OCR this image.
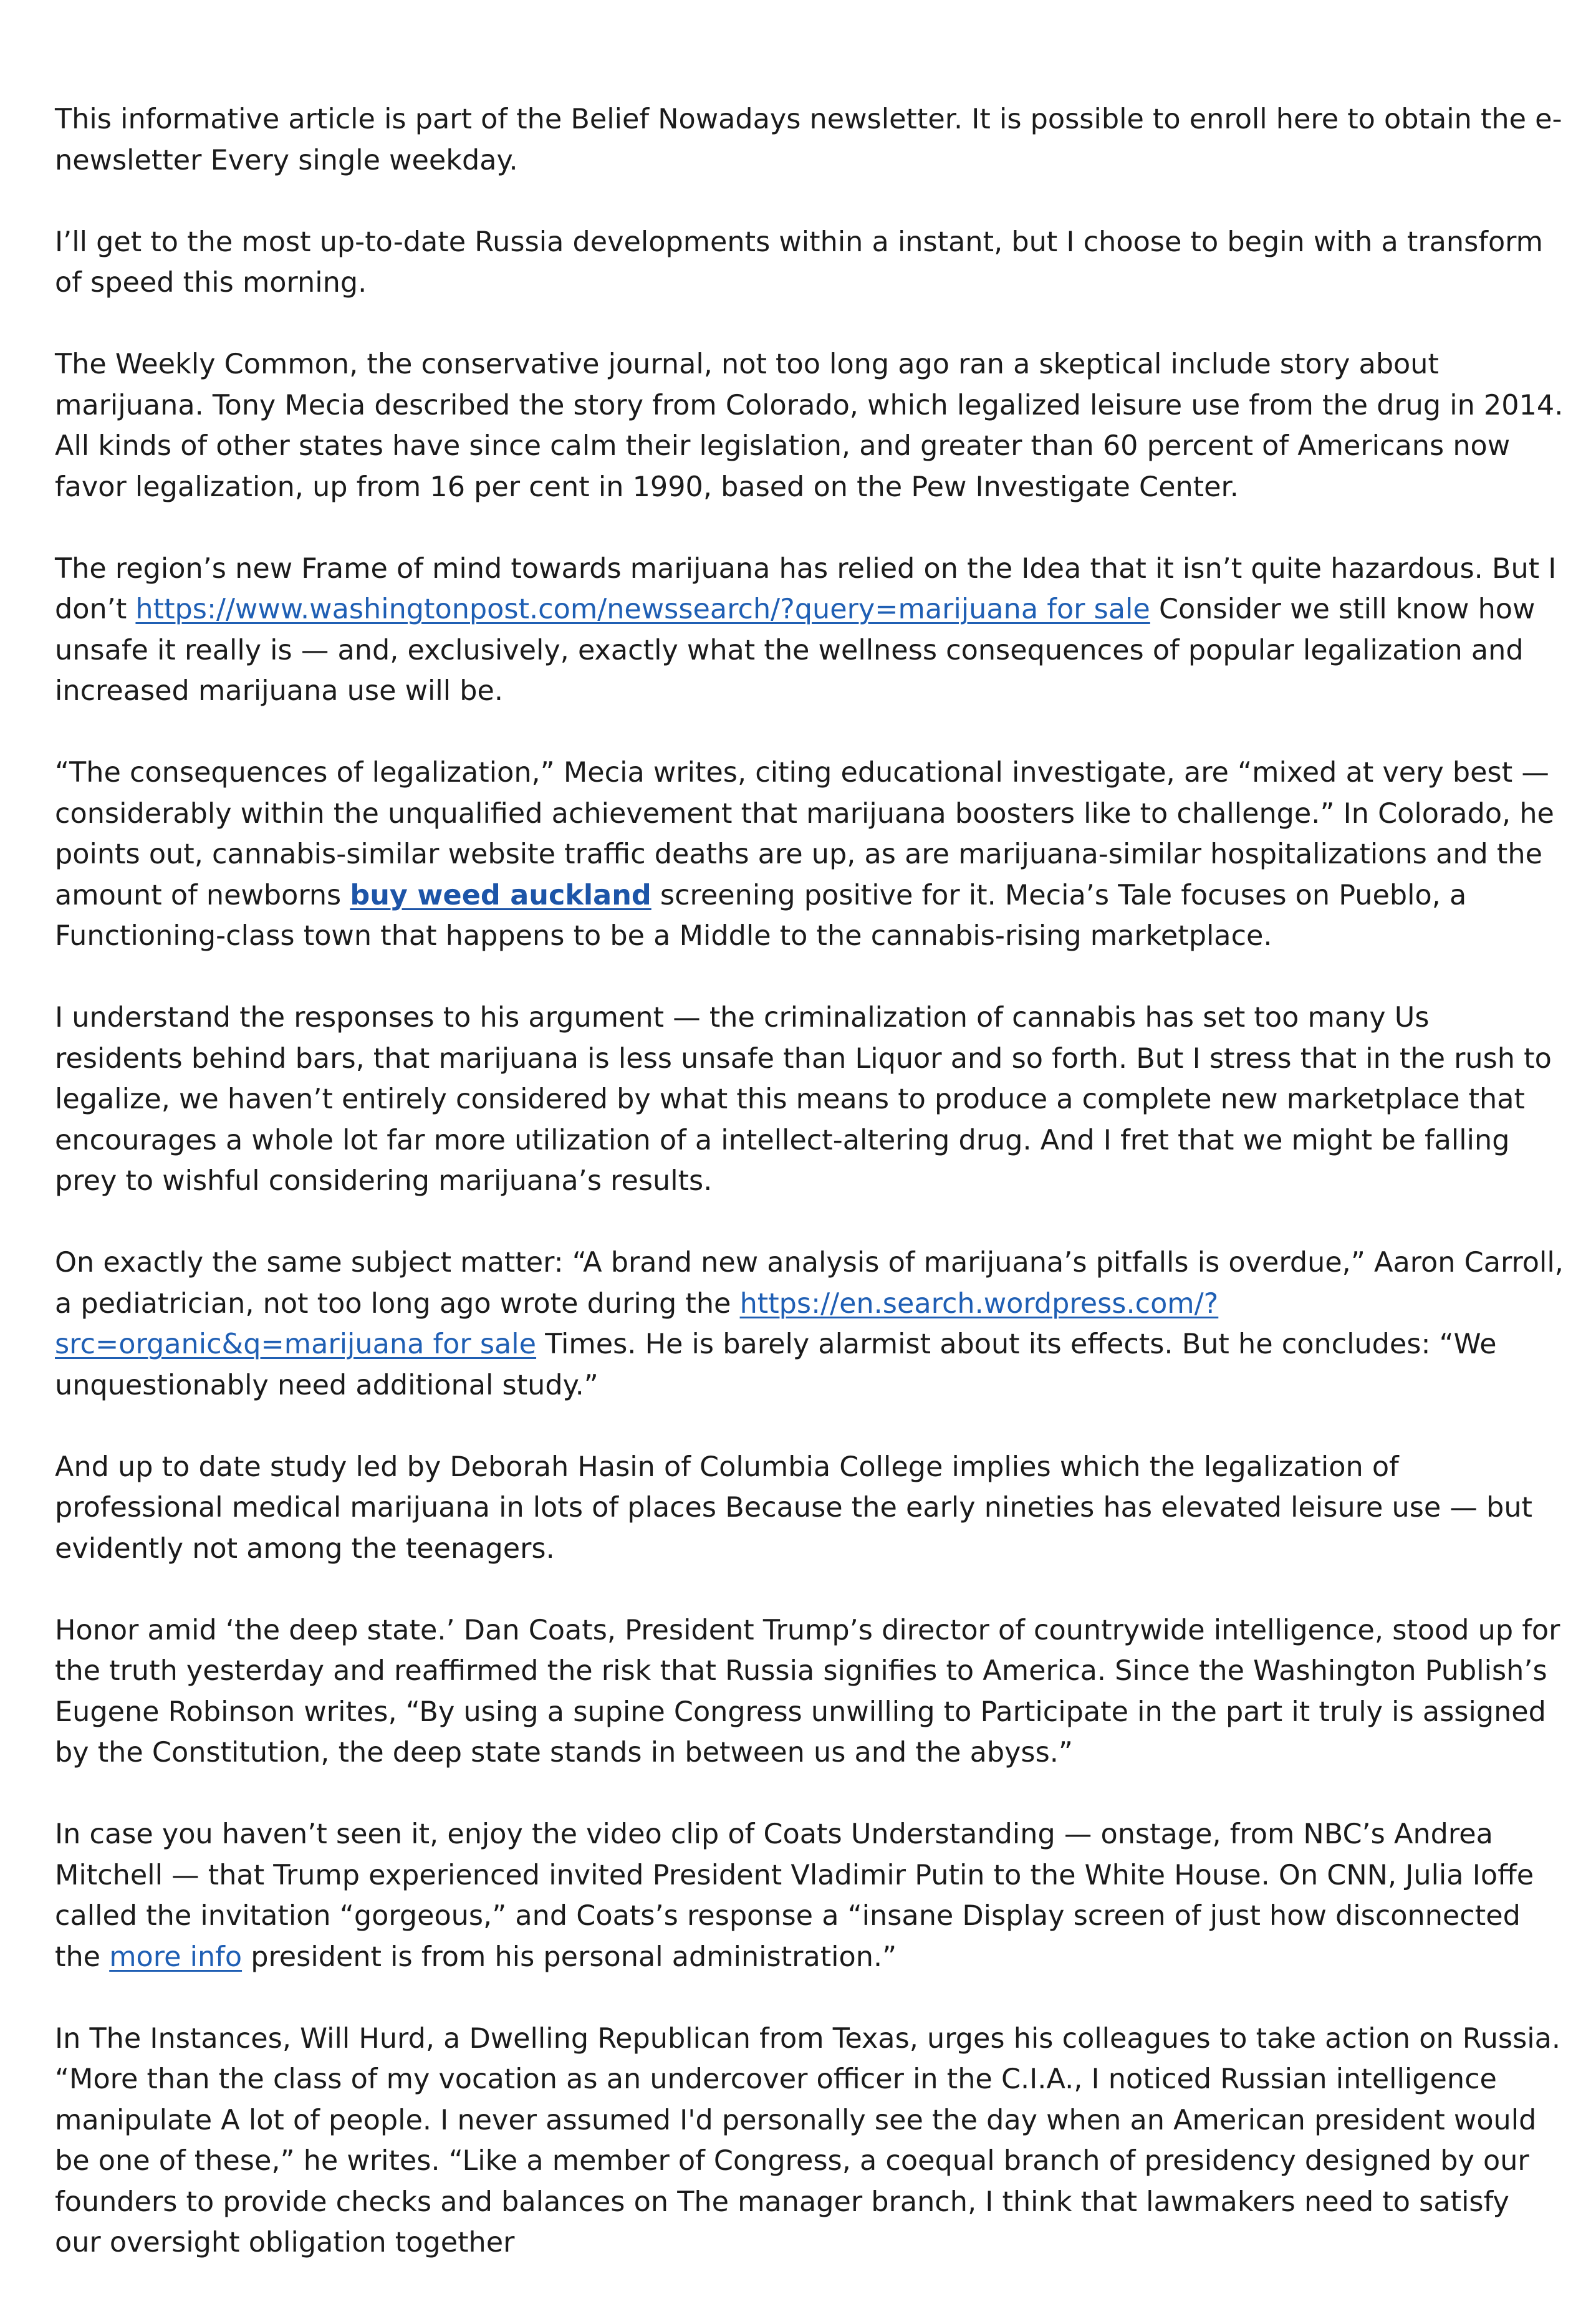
This informative article is part of the Belief Nowadays newsletter. It is possible to enroll here to obtain the e-newsletter Every single weekday.

I’ll get to the most up-to-date Russia developments within a instant, but I choose to begin with a transform of speed this morning.

The Weekly Common, the conservative journal, not too long ago ran a skeptical include story about marijuana. Tony Mecia described the story from Colorado, which legalized leisure use from the drug in 2014. All kinds of other states have since calm their legislation, and greater than 60 percent of Americans now favor legalization, up from 16 per cent in 1990, based on the Pew Investigate Center.

The region’s new Frame of mind towards marijuana has relied on the Idea that it isn’t quite hazardous. But I don’t https://www.washingtonpost.com/newssearch/?query=marijuana for sale Consider we still know how unsafe it really is — and, exclusively, exactly what the wellness consequences of popular legalization and increased marijuana use will be.

“The consequences of legalization,” Mecia writes, citing educational investigate, are “mixed at very best — considerably within the unqualified achievement that marijuana boosters like to challenge.” In Colorado, he points out, cannabis-similar website traffic deaths are up, as are marijuana-similar hospitalizations and the amount of newborns buy weed auckland screening positive for it. Mecia’s Tale focuses on Pueblo, a Functioning-class town that happens to be a Middle to the cannabis-rising marketplace.

I understand the responses to his argument — the criminalization of cannabis has set too many Us residents behind bars, that marijuana is less unsafe than Liquor and so forth. But I stress that in the rush to legalize, we haven’t entirely considered by what this means to produce a complete new marketplace that encourages a whole lot far more utilization of a intellect-altering drug. And I fret that we might be falling prey to wishful considering marijuana’s results.

On exactly the same subject matter: “A brand new analysis of marijuana’s pitfalls is overdue,” Aaron Carroll, a pediatrician, not too long ago wrote during the https://en.search.wordpress.com/?src=organic&q=marijuana for sale Times. He is barely alarmist about its effects. But he concludes: “We unquestionably need additional study.”

And up to date study led by Deborah Hasin of Columbia College implies which the legalization of professional medical marijuana in lots of places Because the early nineties has elevated leisure use — but evidently not among the teenagers.

Honor amid ‘the deep state.’ Dan Coats, President Trump’s director of countrywide intelligence, stood up for the truth yesterday and reaffirmed the risk that Russia signifies to America. Since the Washington Publish’s Eugene Robinson writes, “By using a supine Congress unwilling to Participate in the part it truly is assigned by the Constitution, the deep state stands in between us and the abyss.”

In case you haven’t seen it, enjoy the video clip of Coats Understanding — onstage, from NBC’s Andrea Mitchell — that Trump experienced invited President Vladimir Putin to the White House. On CNN, Julia Ioffe called the invitation “gorgeous,” and Coats’s response a “insane Display screen of just how disconnected the more info president is from his personal administration.”

In The Instances, Will Hurd, a Dwelling Republican from Texas, urges his colleagues to take action on Russia. “More than the class of my vocation as an undercover officer in the C.I.A., I noticed Russian intelligence manipulate A lot of people. I never assumed I'd personally see the day when an American president would be one of these,” he writes. “Like a member of Congress, a coequal branch of presidency designed by our founders to provide checks and balances on The manager branch, I think that lawmakers need to satisfy our oversight obligation together
